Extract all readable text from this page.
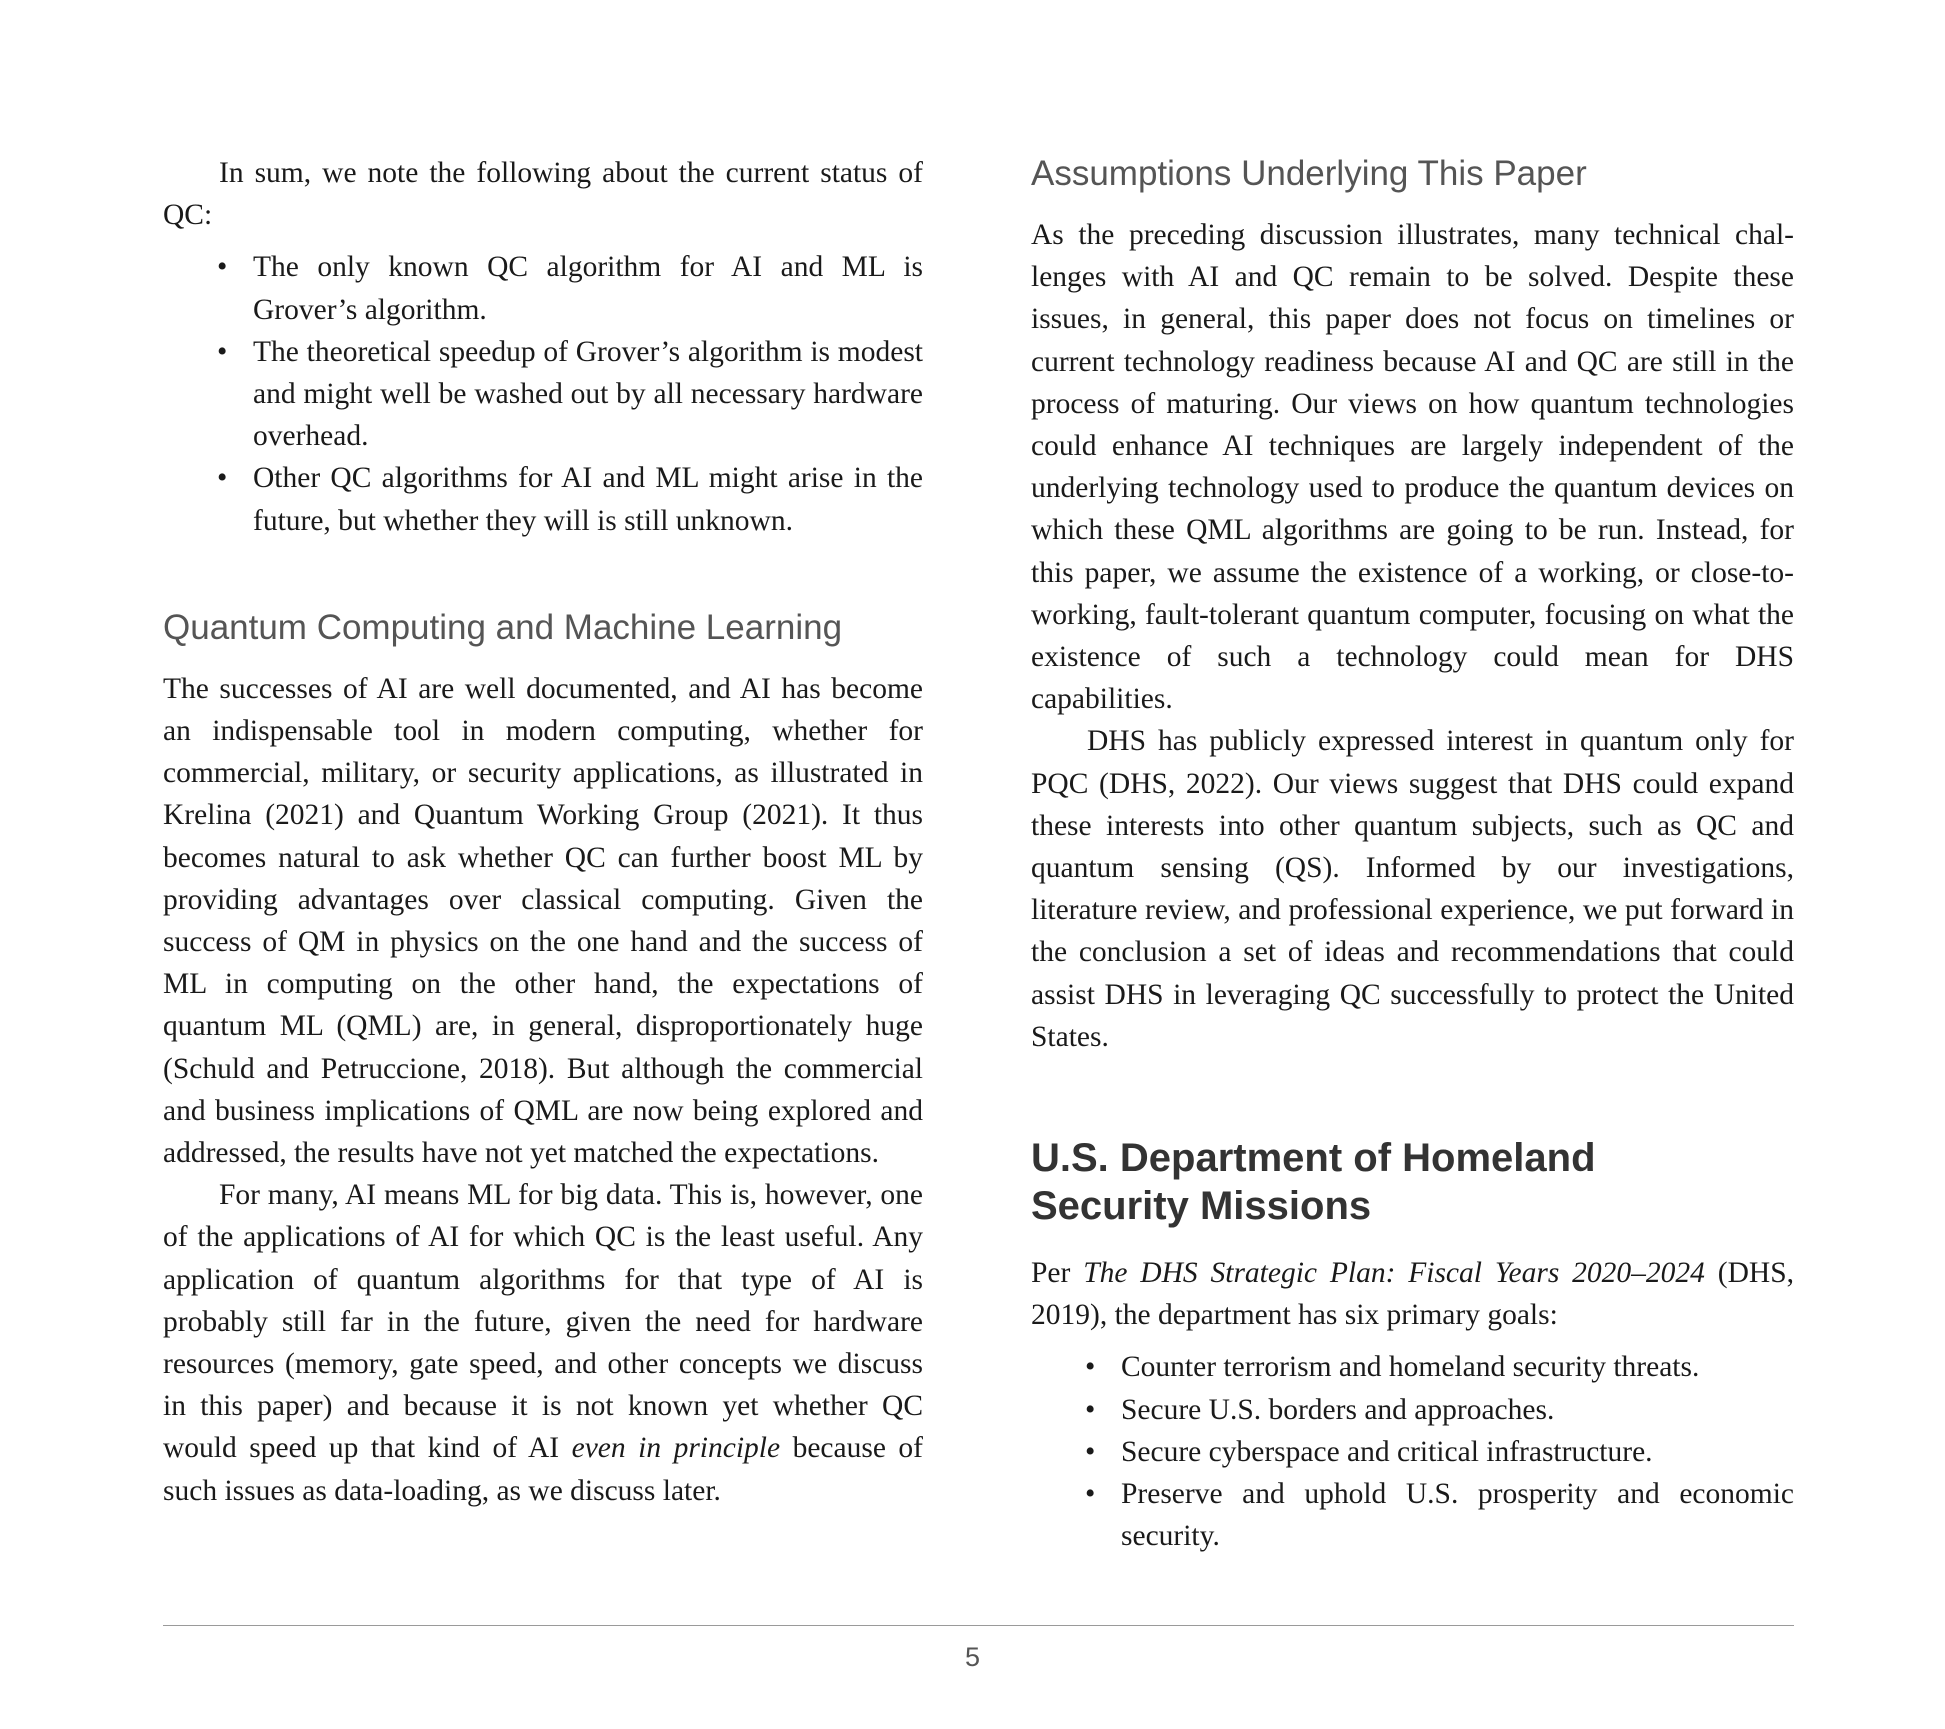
In sum, we note the following about the current status of QC:

• The only known QC algorithm for AI and ML is Grover’s algorithm.
• The theoretical speedup of Grover’s algorithm is modest and might well be washed out by all necessary hardware overhead.
• Other QC algorithms for AI and ML might arise in the future, but whether they will is still unknown.
Quantum Computing and Machine Learning

The successes of AI are well documented, and AI has become an indispensable tool in modern computing, whether for commercial, military, or security applications, as illustrated in Krelina (2021) and Quantum Working Group (2021). It thus becomes natural to ask whether QC can further boost ML by providing advantages over classical computing. Given the success of QM in physics on the one hand and the success of ML in computing on the other hand, the expectations of quantum ML (QML) are, in general, disproportionately huge (Schuld and Petruccione, 2018). But although the commercial and business implications of QML are now being explored and addressed, the results have not yet matched the expectations.

For many, AI means ML for big data. This is, however, one of the applications of AI for which QC is the least useful. Any application of quantum algorithms for that type of AI is probably still far in the future, given the need for hardware resources (memory, gate speed, and other concepts we discuss in this paper) and because it is not known yet whether QC would speed up that kind of AI even in principle because of such issues as data-loading, as we discuss later.

Assumptions Underlying This Paper

As the preceding discussion illustrates, many technical challenges with AI and QC remain to be solved. Despite these issues, in general, this paper does not focus on timelines or current technology readiness because AI and QC are still in the process of maturing. Our views on how quantum technologies could enhance AI techniques are largely independent of the underlying technology used to produce the quantum devices on which these QML algorithms are going to be run. Instead, for this paper, we assume the existence of a working, or close-to-working, fault-tolerant quantum computer, focusing on what the existence of such a technology could mean for DHS capabilities.

DHS has publicly expressed interest in quantum only for PQC (DHS, 2022). Our views suggest that DHS could expand these interests into other quantum subjects, such as QC and quantum sensing (QS). Informed by our investigations, literature review, and professional experience, we put forward in the conclusion a set of ideas and recommendations that could assist DHS in leveraging QC successfully to protect the United States.

U.S. Department of Homeland
Security Missions

Per The DHS Strategic Plan: Fiscal Years 2020–2024 (DHS, 2019), the department has six primary goals:

• Counter terrorism and homeland security threats.
• Secure U.S. borders and approaches.
• Secure cyberspace and critical infrastructure.
• Preserve and uphold U.S. prosperity and economic security.
5
